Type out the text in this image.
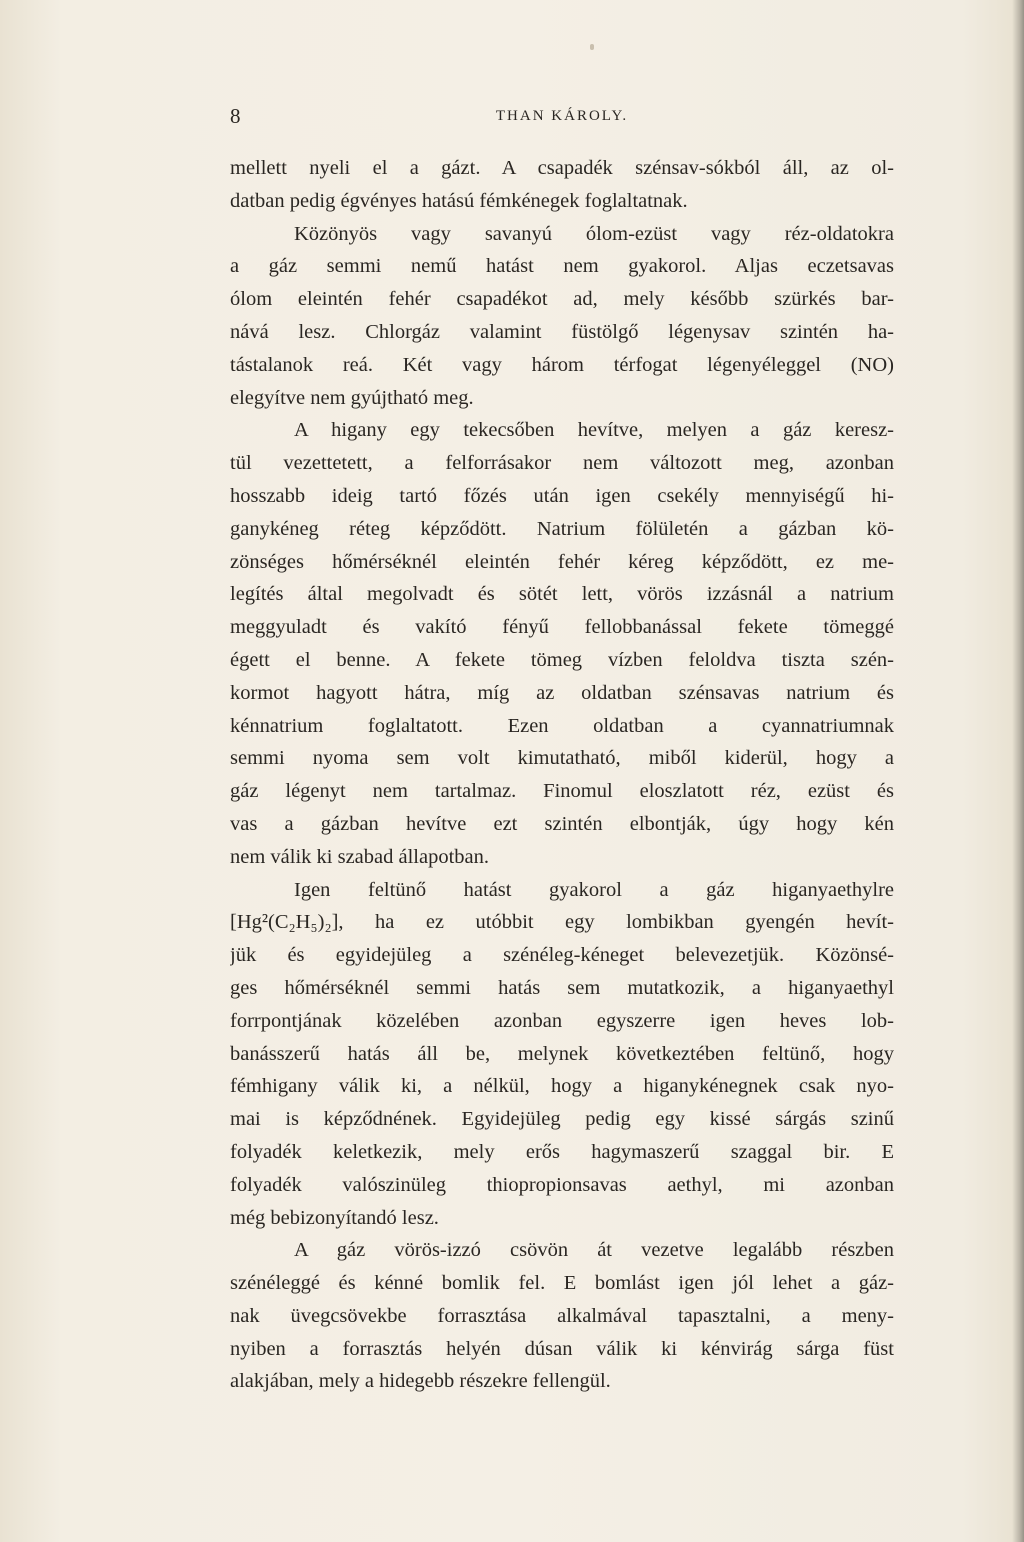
8	THAN KÁROLY.
mellett nyeli el a gázt. A csapadék szénsav-sókból áll, az ol-
datban pedig égvényes hatású fémkénegek foglaltatnak.
Közönyös vagy savanyú ólom-ezüst vagy réz-oldatokra
a gáz semmi nemű hatást nem gyakorol. Aljas eczetsavas
ólom eleintén fehér csapadékot ad, mely később szürkés bar-
nává lesz. Chlorgáz valamint füstölgő légenysav szintén ha-
tástalanok reá. Két vagy három térfogat légenyéleggel (NO)
elegyítve nem gyújtható meg.
A higany egy tekecsőben hevítve, melyen a gáz keresz-
tül vezettetett, a felforrásakor nem változott meg, azonban
hosszabb ideig tartó főzés után igen csekély mennyiségű hi-
ganykéneg réteg képződött. Natrium fölületén a gázban kö-
zönséges hőmérséknél eleintén fehér kéreg képződött, ez me-
legítés által megolvadt és sötét lett, vörös izzásnál a natrium
meggyuladt és vakító fényű fellobbanással fekete tömeggé
égett el benne. A fekete tömeg vízben feloldva tiszta szén-
kormot hagyott hátra, míg az oldatban szénsavas natrium és
kénnatrium foglaltatott. Ezen oldatban a cyannatriumnak
semmi nyoma sem volt kimutatható, miből kiderül, hogy a
gáz légenyt nem tartalmaz. Finomul eloszlatott réz, ezüst és
vas a gázban hevítve ezt szintén elbontják, úgy hogy kén
nem válik ki szabad állapotban.
Igen feltünő hatást gyakorol a gáz higanyaethylre
[Hg²(C₂H₅)₂], ha ez utóbbit egy lombikban gyengén hevít-
jük és egyidejüleg a szénéleg-kéneget belevezetjük. Közönsé-
ges hőmérséknél semmi hatás sem mutatkozik, a higanyaethyl
forrpontjának közelében azonban egyszerre igen heves lob-
banásszerű hatás áll be, melynek következtében feltünő, hogy
fémhigany válik ki, a nélkül, hogy a higanykénegnek csak nyo-
mai is képződnének. Egyidejüleg pedig egy kissé sárgás szinű
folyadék keletkezik, mely erős hagymaszerű szaggal bir. E
folyadék valószinüleg thiopropionsavas aethyl, mi azonban
még bebizonyítandó lesz.
A gáz vörös-izzó csövön át vezetve legalább részben
szénéleggé és kénné bomlik fel. E bomlást igen jól lehet a gáz-
nak üvegcsövekbe forrasztása alkalmával tapasztalni, a meny-
nyiben a forrasztás helyén dúsan válik ki kénvirág sárga füst
alakjában, mely a hidegebb részekre fellengül.
